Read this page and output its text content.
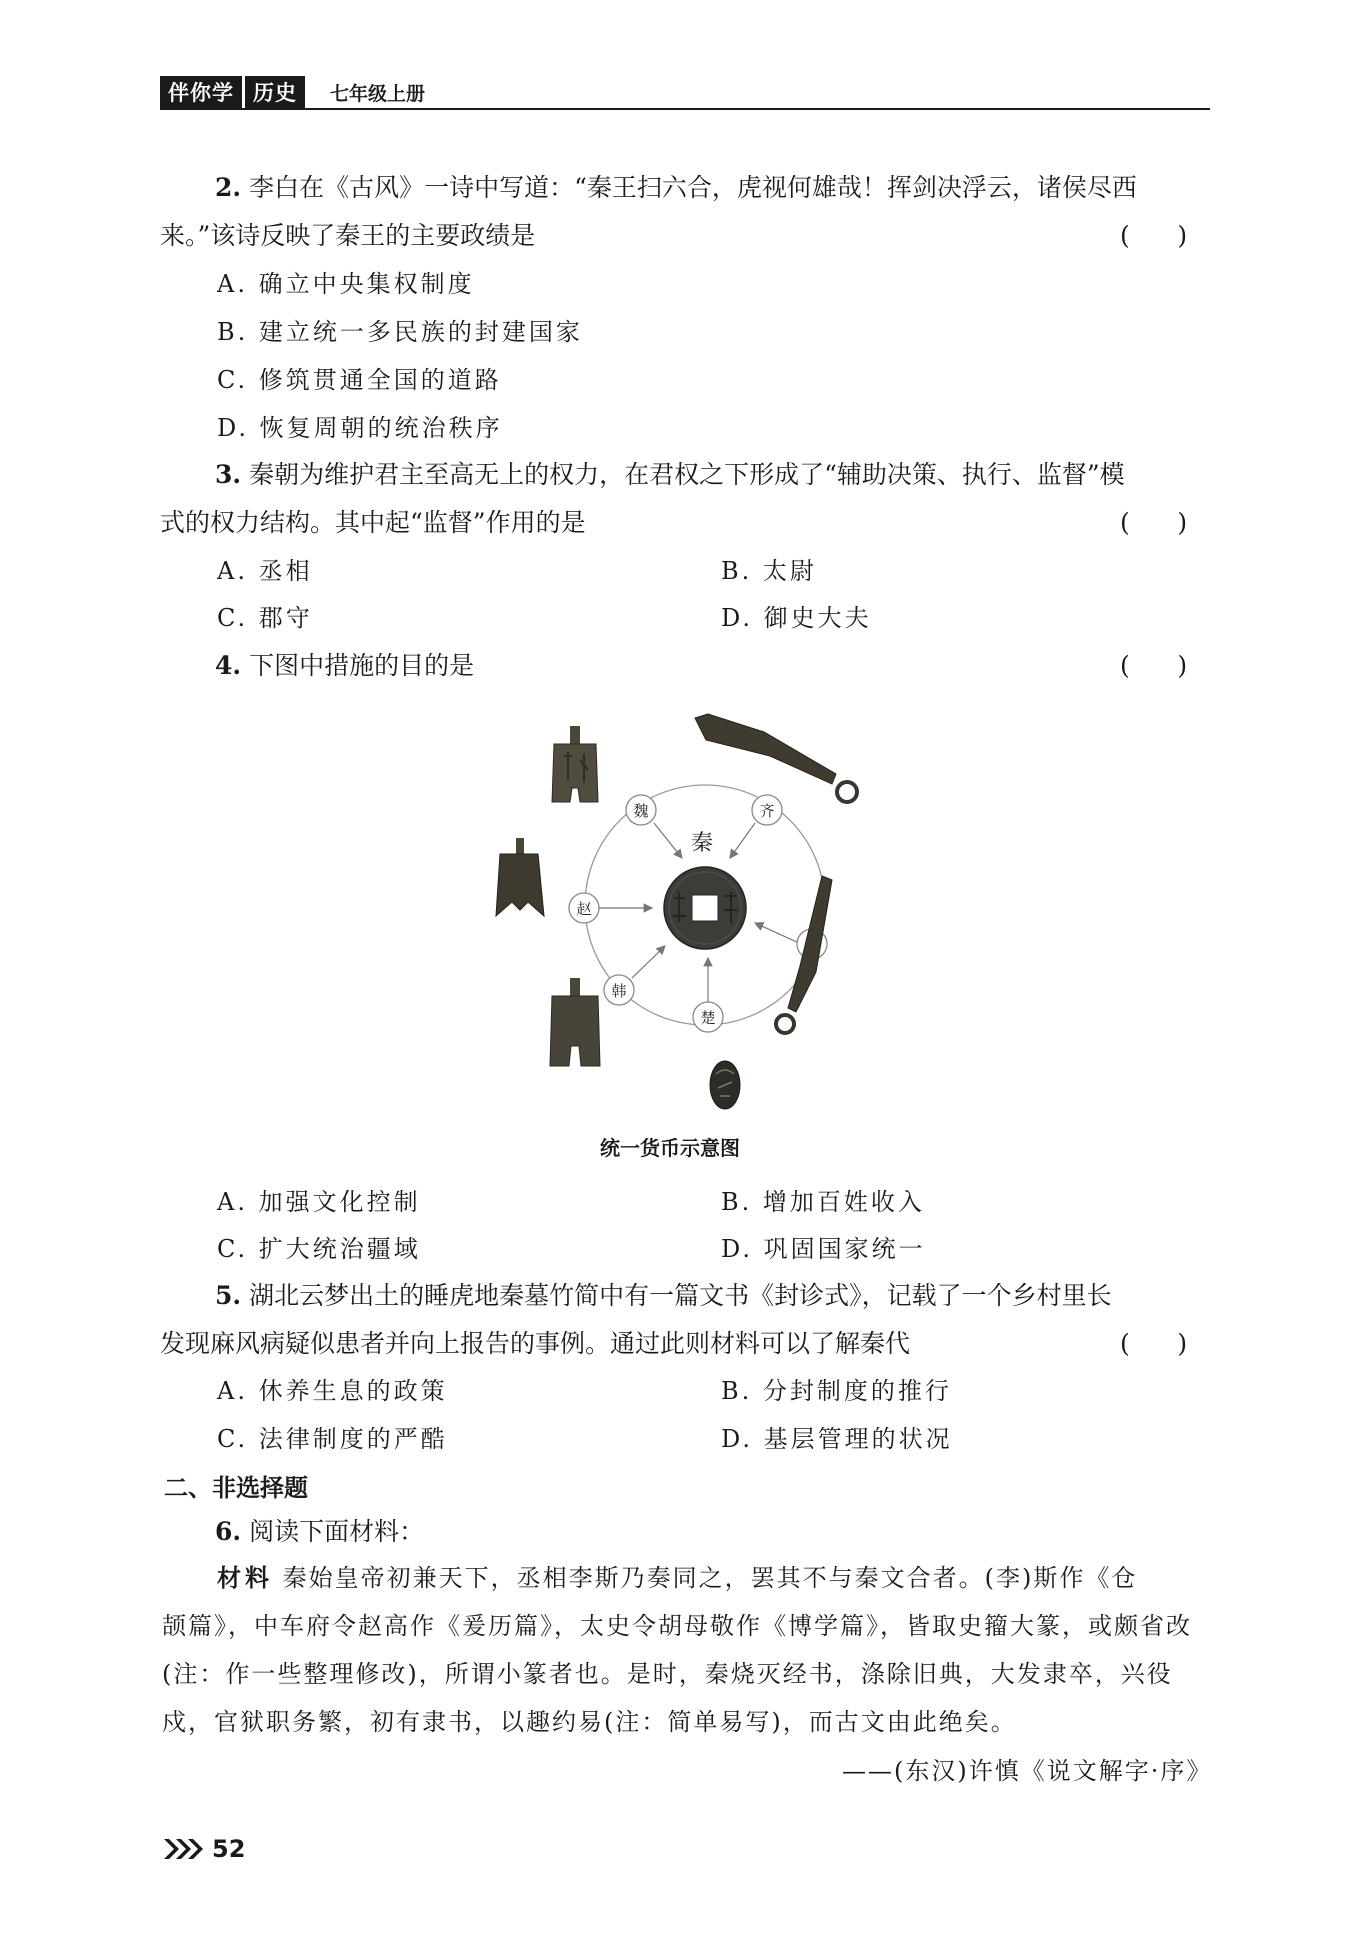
伴你学 历史	七年级上册
2. 李白在《古风》一诗中写道：“秦王扫六合，虎视何雄哉！挥剑决浮云，诸侯尽西
来。”该诗反映了秦王的主要政绩是	(      )
A. 确立中央集权制度
B. 建立统一多民族的封建国家
C. 修筑贯通全国的道路
D. 恢复周朝的统治秩序
3. 秦朝为维护君主至高无上的权力，在君权之下形成了“辅助决策、执行、监督”模
式的权力结构。其中起“监督”作用的是	(      )
A. 丞相	B. 太尉
C. 郡守	D. 御史大夫
4. 下图中措施的目的是	(      )
秦
魏	齐
赵
韩
楚
统一货币示意图
A. 加强文化控制	B. 增加百姓收入
C. 扩大统治疆域	D. 巩固国家统一
5. 湖北云梦出土的睡虎地秦墓竹简中有一篇文书《封诊式》，记载了一个乡村里长
发现麻风病疑似患者并向上报告的事例。通过此则材料可以了解秦代	(      )
A. 休养生息的政策	B. 分封制度的推行
C. 法律制度的严酷	D. 基层管理的状况
二、非选择题
6. 阅读下面材料：
材料 秦始皇帝初兼天下，丞相李斯乃奏同之，罢其不与秦文合者。(李)斯作《仓
颉篇》，中车府令赵高作《爰历篇》，太史令胡母敬作《博学篇》，皆取史籀大篆，或颇省改
(注：作一些整理修改)，所谓小篆者也。是时，秦烧灭经书，涤除旧典，大发隶卒，兴役
戍，官狱职务繁，初有隶书，以趣约易(注：简单易写)，而古文由此绝矣。
——(东汉)许慎《说文解字·序》
52
